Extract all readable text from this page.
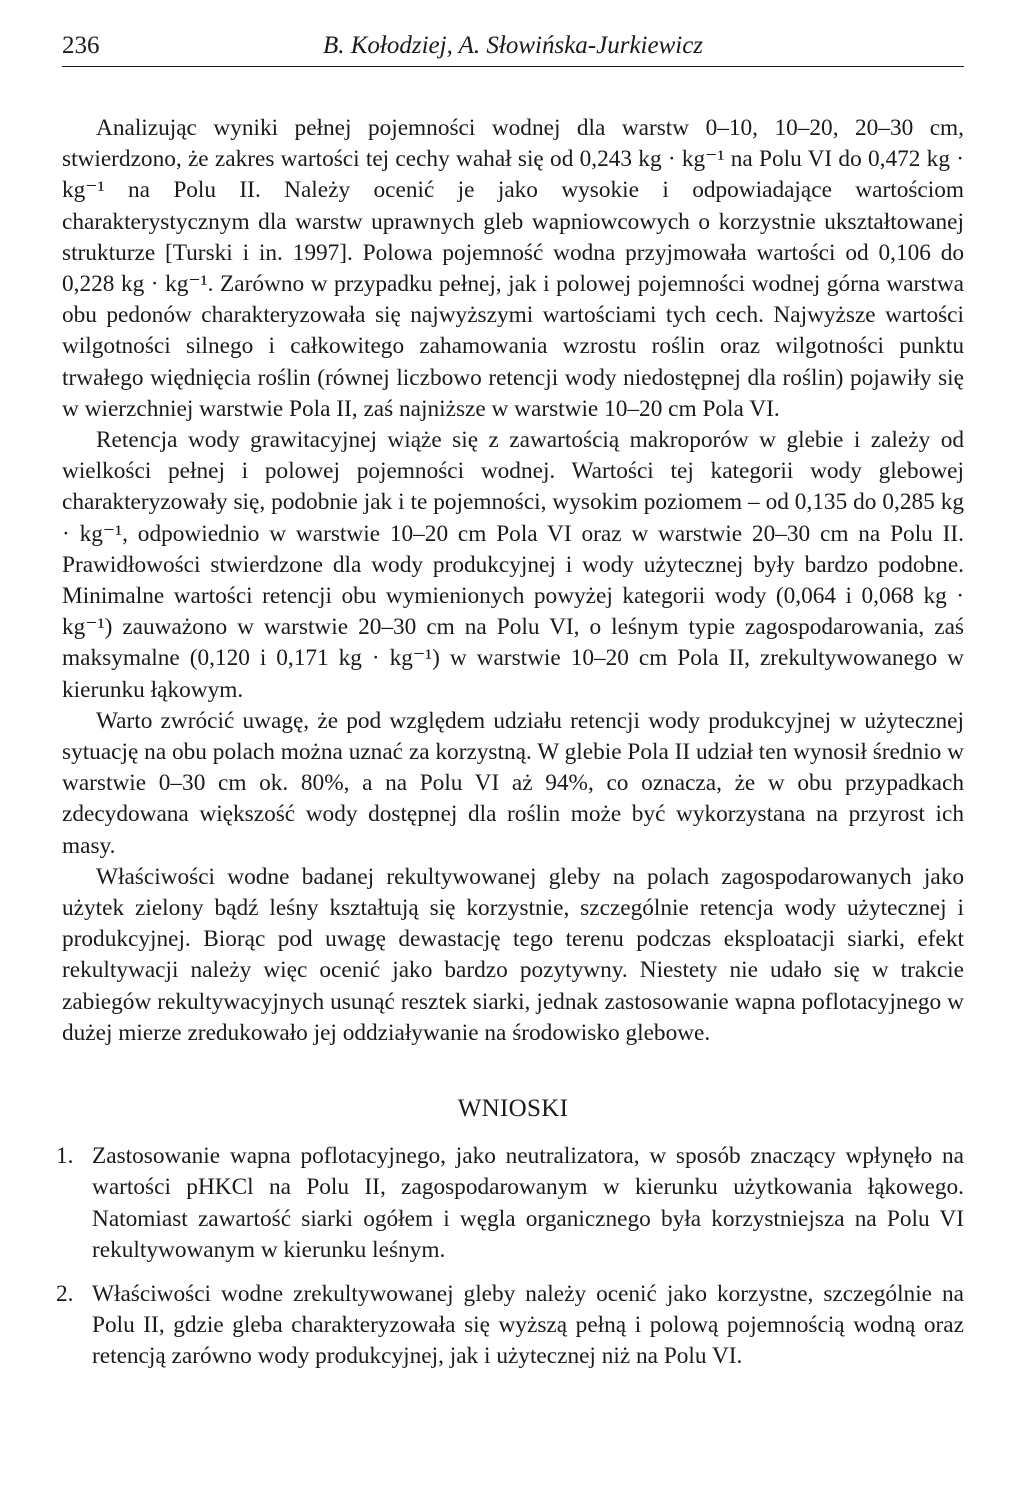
236	B. Kołodziej, A. Słowińska-Jurkiewicz

Analizując wyniki pełnej pojemności wodnej dla warstw 0–10, 10–20, 20–30 cm, stwierdzono, że zakres wartości tej cechy wahał się od 0,243 kg · kg⁻¹ na Polu VI do 0,472 kg · kg⁻¹ na Polu II. Należy ocenić je jako wysokie i odpowiadające wartościom charakterystycznym dla warstw uprawnych gleb wapniowcowych o korzystnie ukształtowanej strukturze [Turski i in. 1997]. Polowa pojemność wodna przyjmowała wartości od 0,106 do 0,228 kg · kg⁻¹. Zarówno w przypadku pełnej, jak i polowej pojemności wodnej górna warstwa obu pedonów charakteryzowała się najwyższymi wartościami tych cech. Najwyższe wartości wilgotności silnego i całkowitego zahamowania wzrostu roślin oraz wilgotności punktu trwałego więdnięcia roślin (równej liczbowo retencji wody niedostępnej dla roślin) pojawiły się w wierzchniej warstwie Pola II, zaś najniższe w warstwie 10–20 cm Pola VI.

Retencja wody grawitacyjnej wiąże się z zawartością makroporów w glebie i zależy od wielkości pełnej i polowej pojemności wodnej. Wartości tej kategorii wody glebowej charakteryzowały się, podobnie jak i te pojemności, wysokim poziomem – od 0,135 do 0,285 kg · kg⁻¹, odpowiednio w warstwie 10–20 cm Pola VI oraz w warstwie 20–30 cm na Polu II. Prawidłowości stwierdzone dla wody produkcyjnej i wody użytecznej były bardzo podobne. Minimalne wartości retencji obu wymienionych powyżej kategorii wody (0,064 i 0,068 kg · kg⁻¹) zauważono w warstwie 20–30 cm na Polu VI, o leśnym typie zagospodarowania, zaś maksymalne (0,120 i 0,171 kg · kg⁻¹) w warstwie 10–20 cm Pola II, zrekultywowanego w kierunku łąkowym.

Warto zwrócić uwagę, że pod względem udziału retencji wody produkcyjnej w użytecznej sytuację na obu polach można uznać za korzystną. W glebie Pola II udział ten wynosił średnio w warstwie 0–30 cm ok. 80%, a na Polu VI aż 94%, co oznacza, że w obu przypadkach zdecydowana większość wody dostępnej dla roślin może być wykorzystana na przyrost ich masy.

Właściwości wodne badanej rekultywowanej gleby na polach zagospodarowanych jako użytek zielony bądź leśny kształtują się korzystnie, szczególnie retencja wody użytecznej i produkcyjnej. Biorąc pod uwagę dewastację tego terenu podczas eksploatacji siarki, efekt rekultywacji należy więc ocenić jako bardzo pozytywny. Niestety nie udało się w trakcie zabiegów rekultywacyjnych usunąć resztek siarki, jednak zastosowanie wapna poflotacyjnego w dużej mierze zredukowało jej oddziaływanie na środowisko glebowe.

WNIOSKI
1. Zastosowanie wapna poflotacyjnego, jako neutralizatora, w sposób znaczący wpłynęło na wartości pHKCl na Polu II, zagospodarowanym w kierunku użytkowania łąkowego. Natomiast zawartość siarki ogółem i węgla organicznego była korzystniejsza na Polu VI rekultywowanym w kierunku leśnym.
2. Właściwości wodne zrekultywowanej gleby należy ocenić jako korzystne, szczególnie na Polu II, gdzie gleba charakteryzowała się wyższą pełną i polową pojemnością wodną oraz retencją zarówno wody produkcyjnej, jak i użytecznej niż na Polu VI.
